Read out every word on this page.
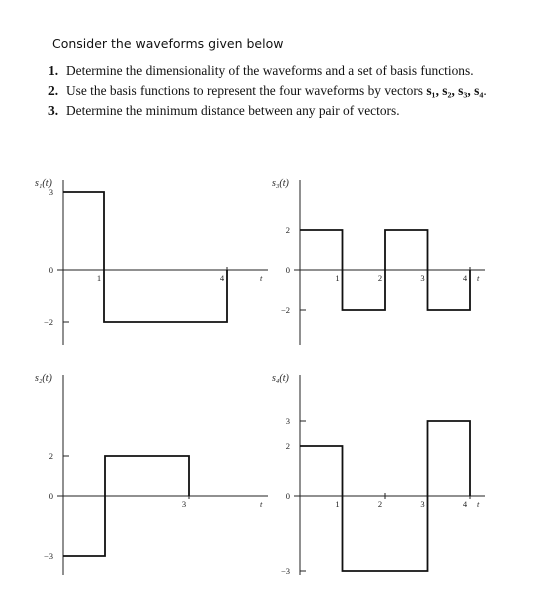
Consider the waveforms given below
1. Determine the dimensionality of the waveforms and a set of basis functions.
2. Use the basis functions to represent the four waveforms by vectors s₁, s₂, s₃, s₄.
3. Determine the minimum distance between any pair of vectors.
3
0
−2
1	4
s₁(t)
t
2
0
−2
1	2	3	4
s₃(t)
t
2
0
−3
3
s₂(t)
t
3
2
0
−3
1	2	3	4
s₄(t)
t
